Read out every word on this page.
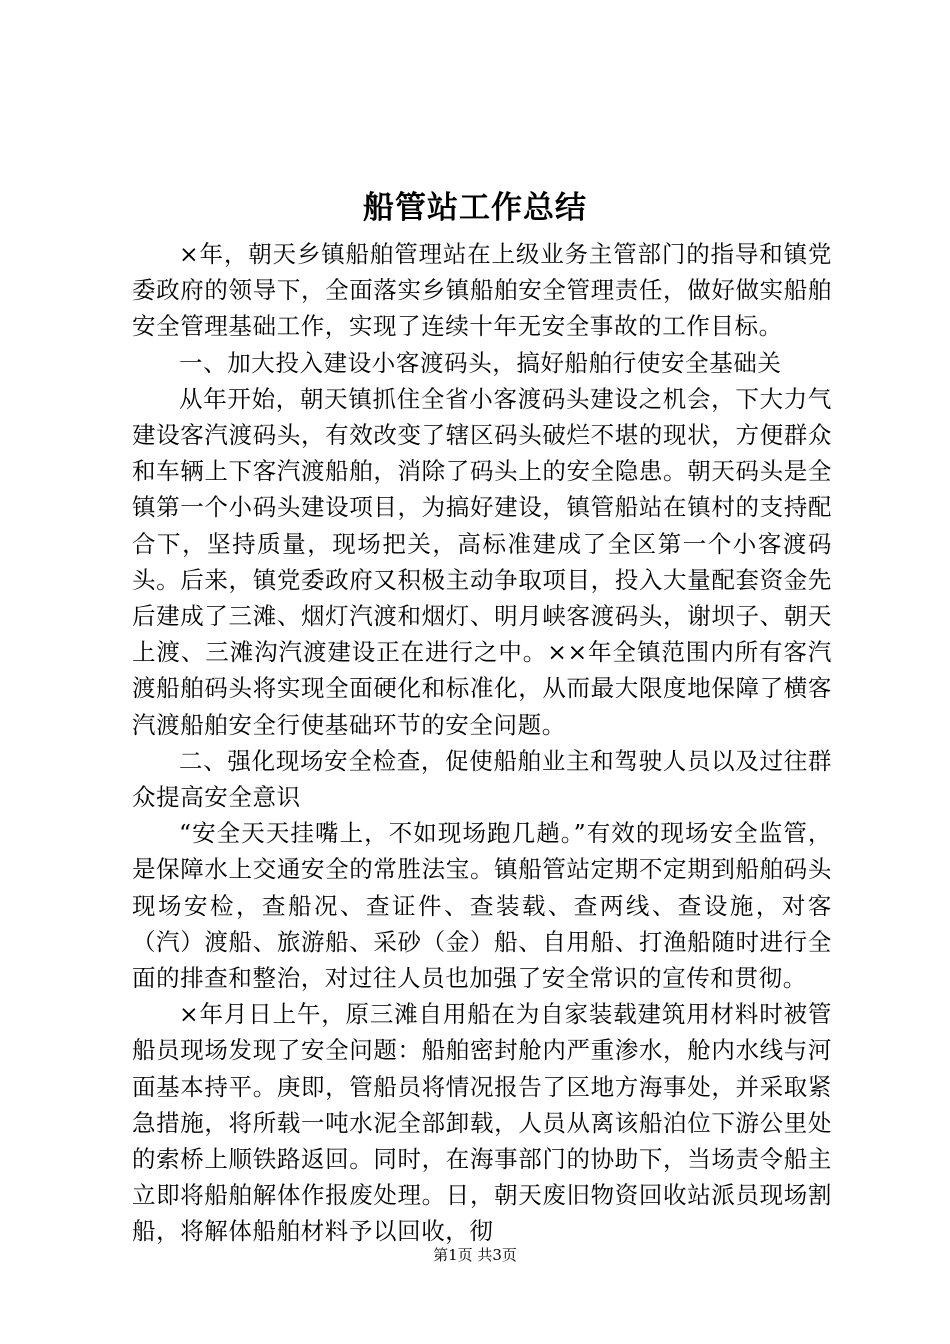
船管站工作总结

×年，朝天乡镇船舶管理站在上级业务主管部门的指导和镇党委政府的领导下，全面落实乡镇船舶安全管理责任，做好做实船舶安全管理基础工作，实现了连续十年无安全事故的工作目标。

一、加大投入建设小客渡码头，搞好船舶行使安全基础关

从年开始，朝天镇抓住全省小客渡码头建设之机会，下大力气建设客汽渡码头，有效改变了辖区码头破烂不堪的现状，方便群众和车辆上下客汽渡船舶，消除了码头上的安全隐患。朝天码头是全镇第一个小码头建设项目，为搞好建设，镇管船站在镇村的支持配合下，坚持质量，现场把关，高标准建成了全区第一个小客渡码头。后来，镇党委政府又积极主动争取项目，投入大量配套资金先后建成了三滩、烟灯汽渡和烟灯、明月峡客渡码头，谢坝子、朝天上渡、三滩沟汽渡建设正在进行之中。××年全镇范围内所有客汽渡船舶码头将实现全面硬化和标准化，从而最大限度地保障了横客汽渡船舶安全行使基础环节的安全问题。

二、强化现场安全检查，促使船舶业主和驾驶人员以及过往群众提高安全意识

“安全天天挂嘴上，不如现场跑几趟。”有效的现场安全监管，是保障水上交通安全的常胜法宝。镇船管站定期不定期到船舶码头现场安检，查船况、查证件、查装载、查两线、查设施，对客（汽）渡船、旅游船、采砂（金）船、自用船、打渔船随时进行全面的排查和整治，对过往人员也加强了安全常识的宣传和贯彻。

×年月日上午，原三滩自用船在为自家装载建筑用材料时被管船员现场发现了安全问题：船舶密封舱内严重渗水，舱内水线与河面基本持平。庚即，管船员将情况报告了区地方海事处，并采取紧急措施，将所载一吨水泥全部卸载，人员从离该船泊位下游公里处的索桥上顺铁路返回。同时，在海事部门的协助下，当场责令船主立即将船舶解体作报废处理。日，朝天废旧物资回收站派员现场割船，将解体船舶材料予以回收，彻

第1页 共3页
